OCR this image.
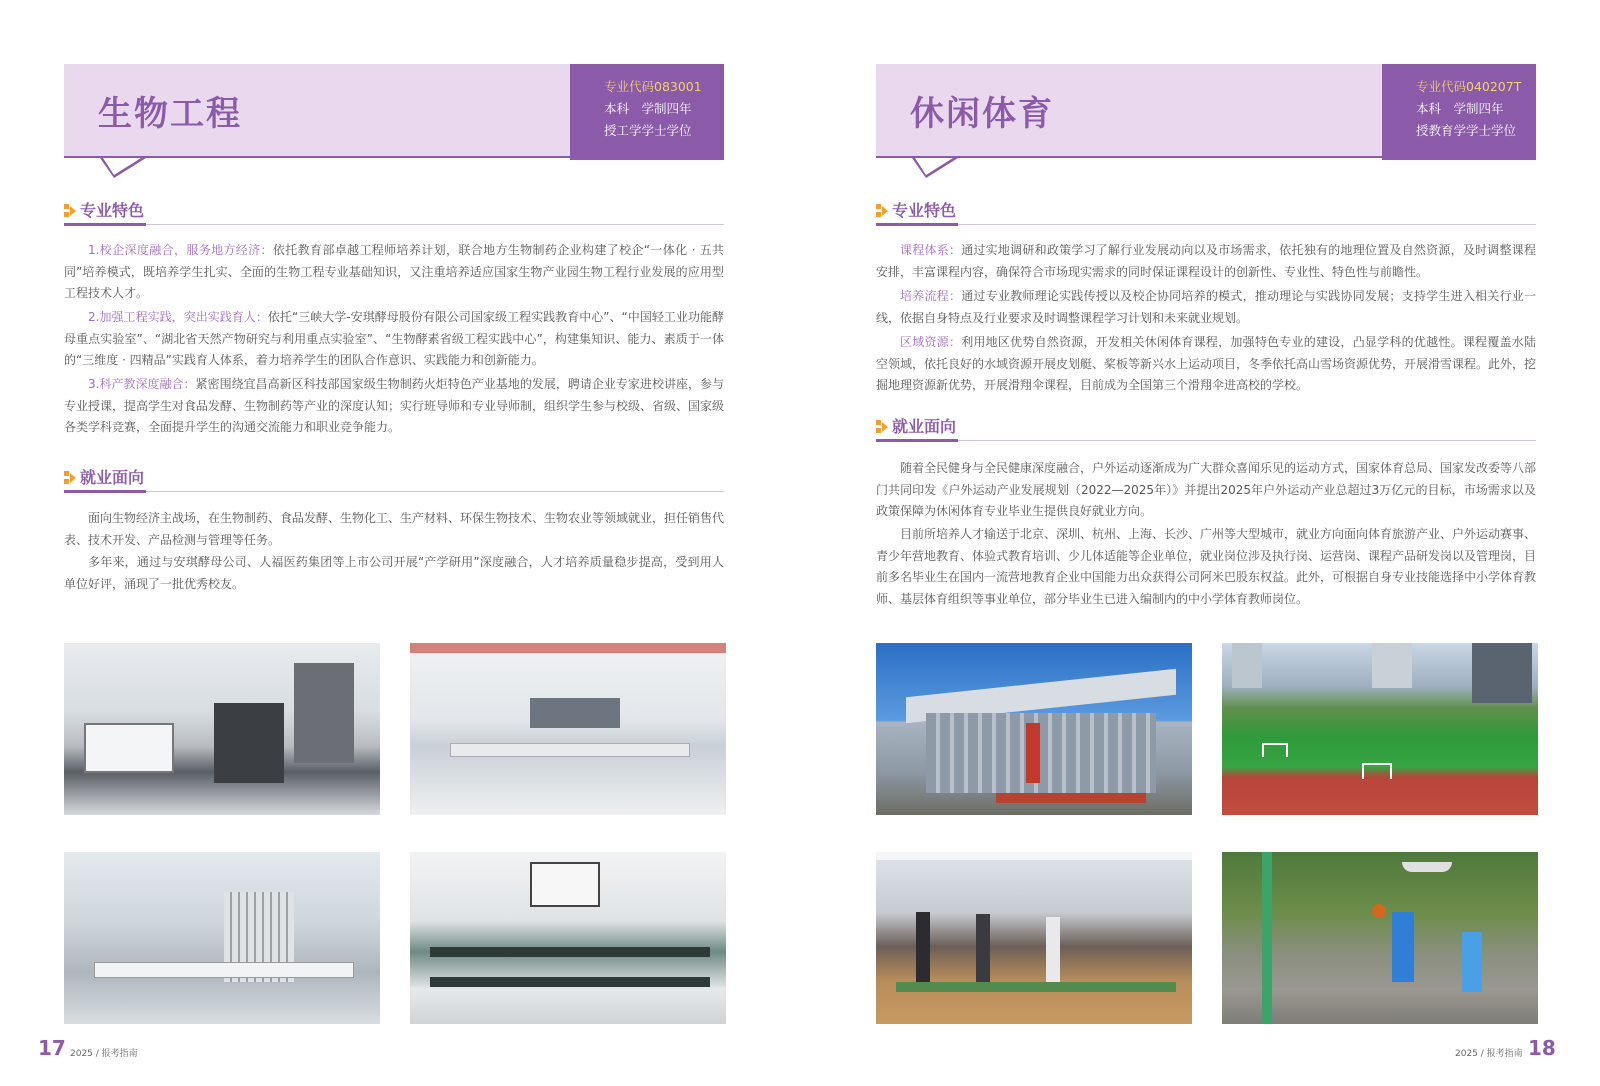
生物工程
专业代码083001
本科　学制四年
授工学学士学位
专业特色

1.校企深度融合，服务地方经济：依托教育部卓越工程师培养计划，联合地方生物制药企业构建了校企“一体化 · 五共同”培养模式，既培养学生扎实、全面的生物工程专业基础知识，又注重培养适应国家生物产业园生物工程行业发展的应用型工程技术人才。

2.加强工程实践，突出实践育人：依托“三峡大学-安琪酵母股份有限公司国家级工程实践教育中心”、“中国轻工业功能酵母重点实验室”、“湖北省天然产物研究与利用重点实验室”、“生物酵素省级工程实践中心”，构建集知识、能力、素质于一体的“三维度 · 四精品”实践育人体系，着力培养学生的团队合作意识、实践能力和创新能力。

3.科产教深度融合：紧密围绕宜昌高新区科技部国家级生物制药火炬特色产业基地的发展，聘请企业专家进校讲座，参与专业授课，提高学生对食品发酵、生物制药等产业的深度认知；实行班导师和专业导师制，组织学生参与校级、省级、国家级各类学科竞赛，全面提升学生的沟通交流能力和职业竞争能力。

就业面向

面向生物经济主战场，在生物制药、食品发酵、生物化工、生产材料、环保生物技术、生物农业等领域就业，担任销售代表、技术开发、产品检测与管理等任务。

多年来，通过与安琪酵母公司、人福医药集团等上市公司开展“产学研用”深度融合，人才培养质量稳步提高，受到用人单位好评，涌现了一批优秀校友。

17 2025 / 报考指南
休闲体育
专业代码040207T
本科　学制四年
授教育学学士学位
专业特色

课程体系：通过实地调研和政策学习了解行业发展动向以及市场需求，依托独有的地理位置及自然资源，及时调整课程安排，丰富课程内容，确保符合市场现实需求的同时保证课程设计的创新性、专业性、特色性与前瞻性。

培养流程：通过专业教师理论实践传授以及校企协同培养的模式，推动理论与实践协同发展；支持学生进入相关行业一线，依据自身特点及行业要求及时调整课程学习计划和未来就业规划。

区域资源：利用地区优势自然资源，开发相关休闲体育课程，加强特色专业的建设，凸显学科的优越性。课程覆盖水陆空领域，依托良好的水域资源开展皮划艇、桨板等新兴水上运动项目，冬季依托高山雪场资源优势，开展滑雪课程。此外，挖掘地理资源新优势，开展滑翔伞课程，目前成为全国第三个滑翔伞进高校的学校。

就业面向

随着全民健身与全民健康深度融合，户外运动逐渐成为广大群众喜闻乐见的运动方式，国家体育总局、国家发改委等八部门共同印发《户外运动产业发展规划（2022—2025年）》并提出2025年户外运动产业总超过3万亿元的目标，市场需求以及政策保障为休闲体育专业毕业生提供良好就业方向。

目前所培养人才输送于北京、深圳、杭州、上海、长沙、广州等大型城市，就业方向面向体育旅游产业、户外运动赛事、青少年营地教育、体验式教育培训、少儿体适能等企业单位，就业岗位涉及执行岗、运营岗、课程产品研发岗以及管理岗，目前多名毕业生在国内一流营地教育企业中国能力出众获得公司阿米巴股东权益。此外，可根据自身专业技能选择中小学体育教师、基层体育组织等事业单位，部分毕业生已进入编制内的中小学体育教师岗位。

2025 / 报考指南 18
